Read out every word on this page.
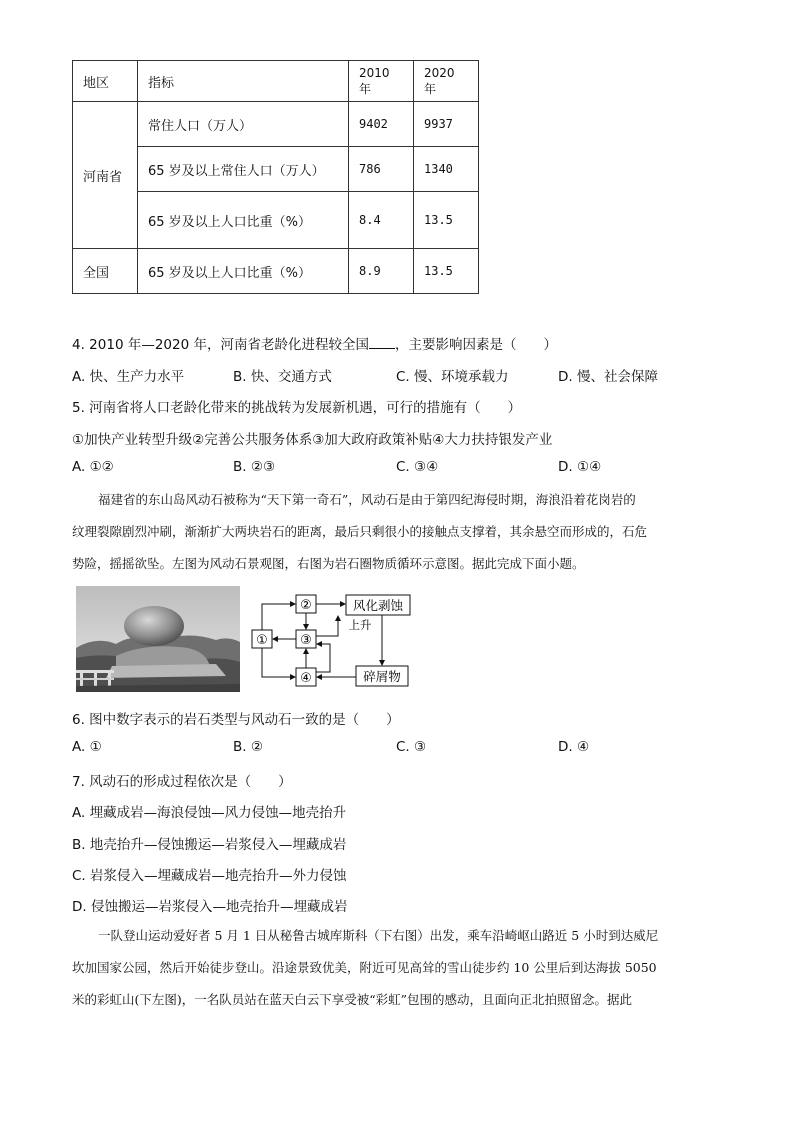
地区	指标	2010 年	2020 年
河南省	常住人口（万人）	9402	9937
	65 岁及以上常住人口（万人）	786	1340
	65 岁及以上人口比重（%）	8.4	13.5
全国	65 岁及以上人口比重（%）	8.9	13.5
4. 2010 年—2020 年，河南省老龄化进程较全国 ，主要影响因素是（　　）
A. 快、生产力水平	B. 快、交通方式	C. 慢、环境承载力	D. 慢、社会保障
5. 河南省将人口老龄化带来的挑战转为发展新机遇，可行的措施有（　　）
①加快产业转型升级②完善公共服务体系③加大政府政策补贴④大力扶持银发产业
A. ①②	B. ②③	C. ③④	D. ①④
福建省的东山岛风动石被称为“天下第一奇石”，风动石是由于第四纪海侵时期，海浪沿着花岗岩的
纹理裂隙剧烈冲刷，渐渐扩大两块岩石的距离，最后只剩很小的接触点支撑着，其余悬空而形成的，石危
势险，摇摇欲坠。左图为风动石景观图，右图为岩石圈物质循环示意图。据此完成下面小题。
①
②
③
④
风化剥蚀
碎屑物
上升
6. 图中数字表示的岩石类型与风动石一致的是（　　）
A. ①	B. ②	C. ③	D. ④
7. 风动石的形成过程依次是（　　）
A. 埋藏成岩—海浪侵蚀—风力侵蚀—地壳抬升
B. 地壳抬升—侵蚀搬运—岩浆侵入—埋藏成岩
C. 岩浆侵入—埋藏成岩—地壳抬升—外力侵蚀
D. 侵蚀搬运—岩浆侵入—地壳抬升—埋藏成岩
一队登山运动爱好者 5 月 1 日从秘鲁古城库斯科（下右图）出发，乘车沿崎岖山路近 5 小时到达威尼
坎加国家公园，然后开始徒步登山。沿途景致优美，附近可见高耸的雪山徒步约 10 公里后到达海拔 5050
米的彩虹山(下左图)，一名队员站在蓝天白云下享受被“彩虹”包围的感动，且面向正北拍照留念。据此
